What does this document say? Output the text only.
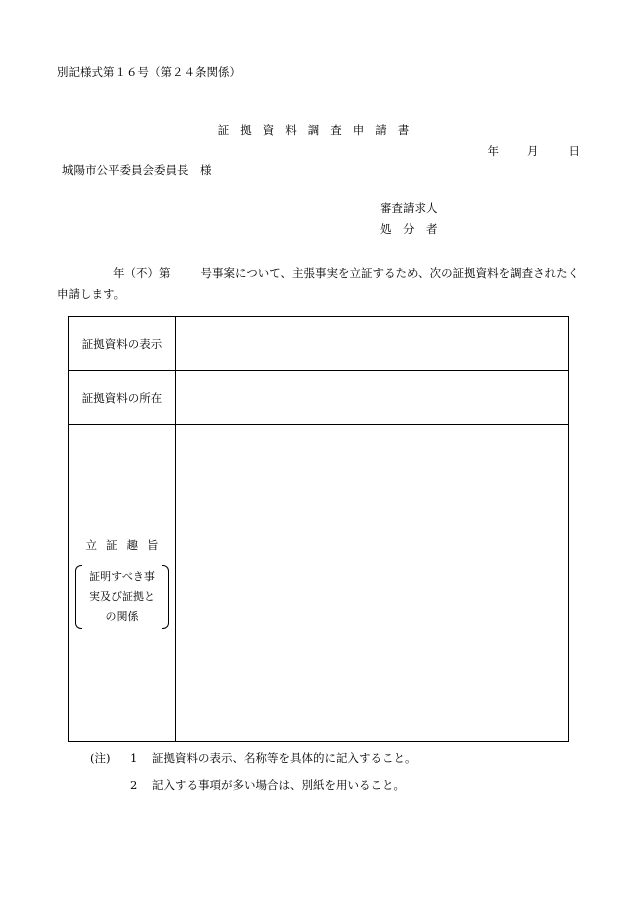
別記様式第１６号（第２４条関係）
証拠資料調査申請書
年 月	日
城陽市公平委員会委員長　様
審査請求人
処　分　者
年（不）第	号事案について、主張事実を立証するため、次の証拠資料を調査されたく申請します。
証拠資料の表示	
証拠資料の所在	

立証趣旨
証明すべき事
実及び証拠と
の関係	

(注) 1 証拠資料の表示、名称等を具体的に記入すること。
2 記入する事項が多い場合は、別紙を用いること。
